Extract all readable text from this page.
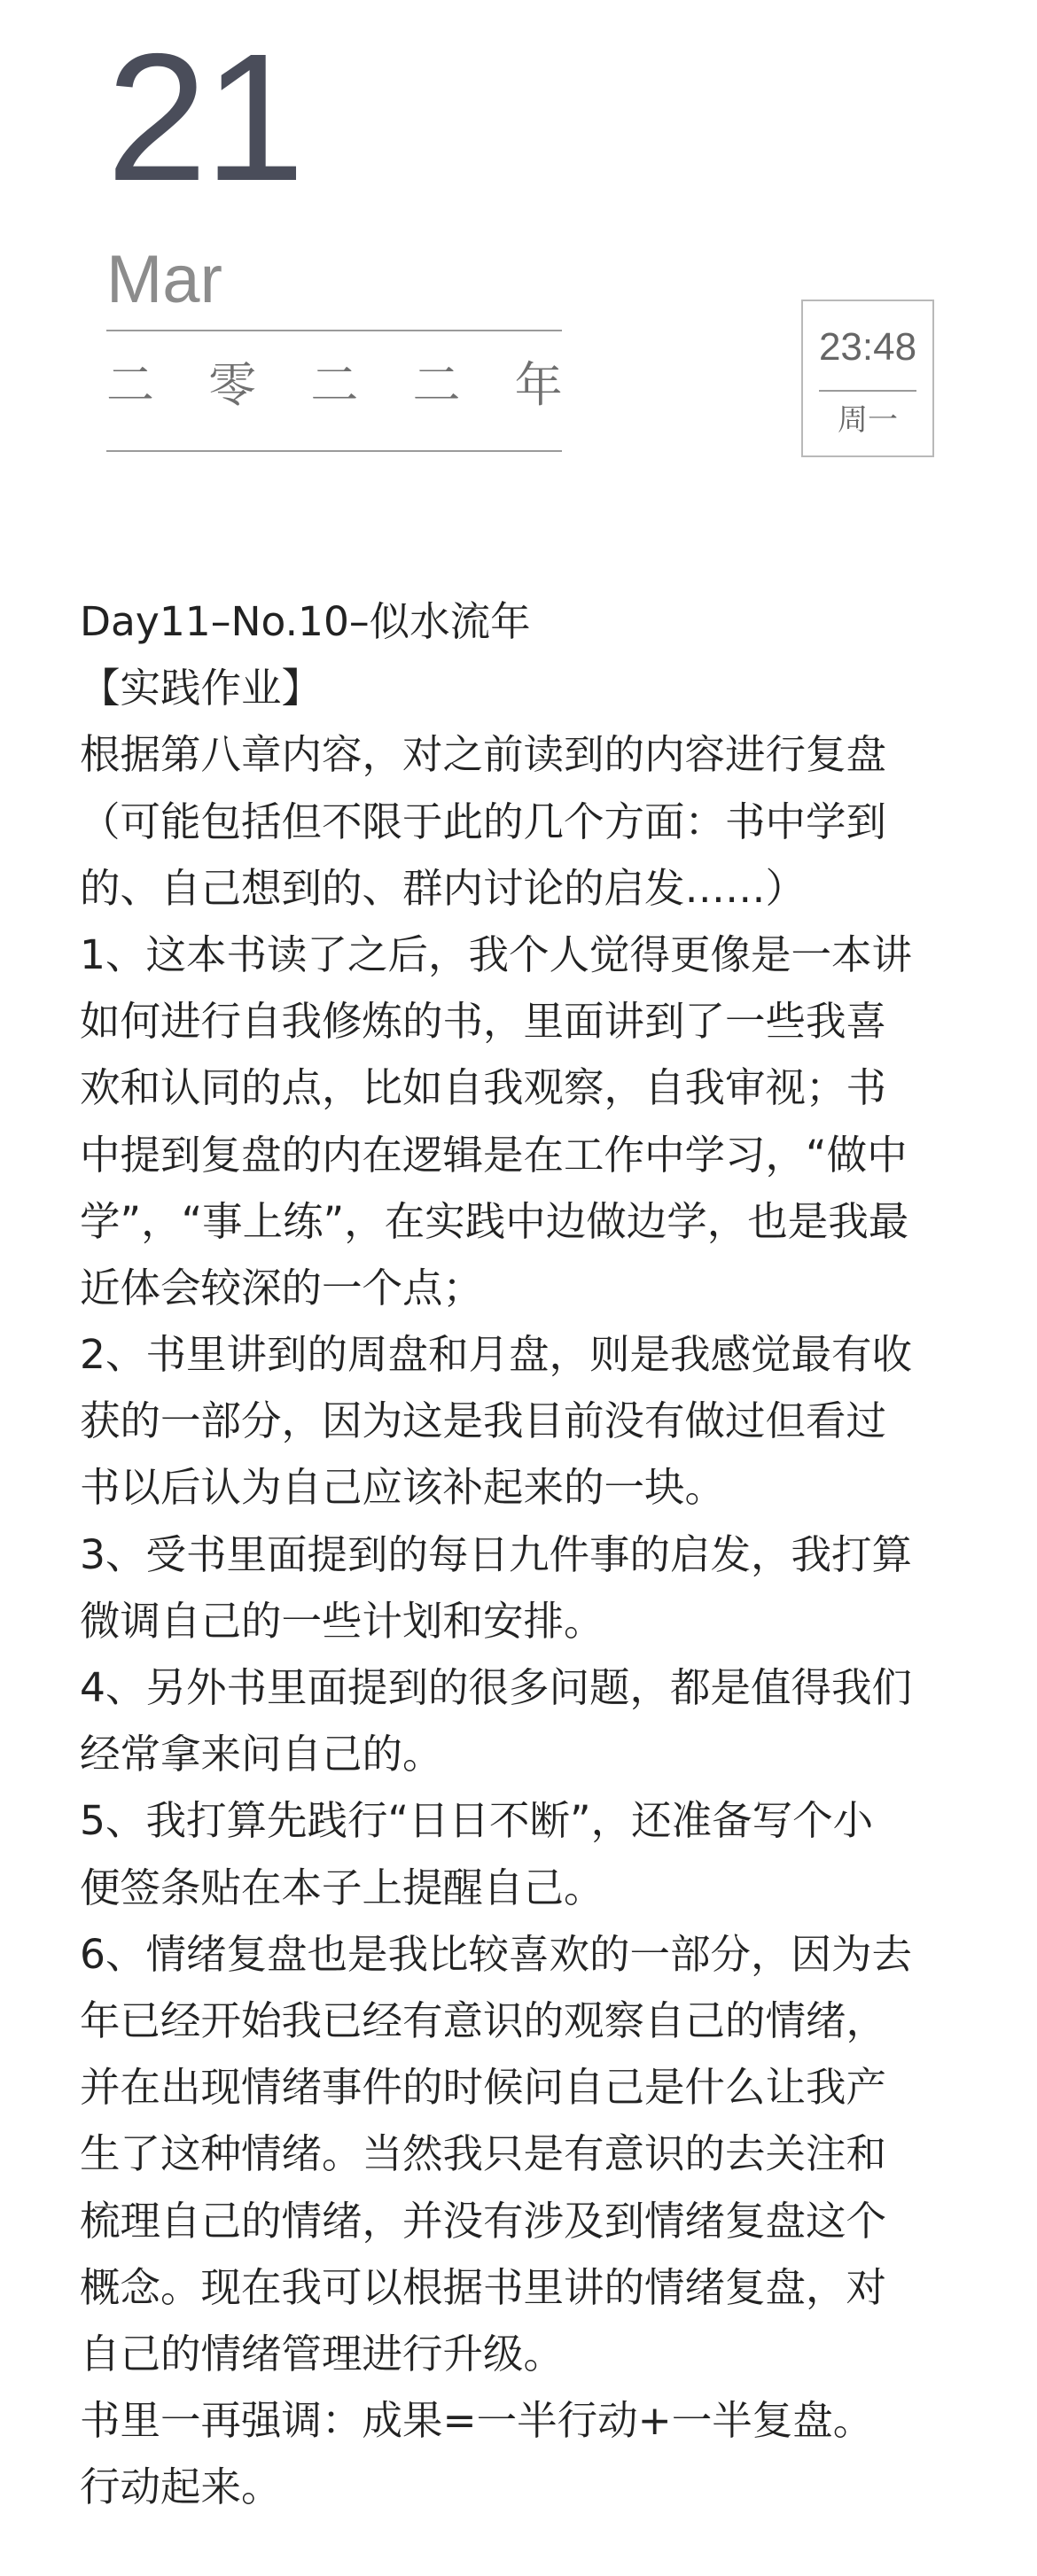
21
Mar
二 零 二 二 年
23:48
周一
Day11–No.10–似水流年
【实践作业】
根据第八章内容，对之前读到的内容进行复盘
（可能包括但不限于此的几个方面：书中学到
的、自己想到的、群内讨论的启发……）
1、这本书读了之后，我个人觉得更像是一本讲
如何进行自我修炼的书，里面讲到了一些我喜
欢和认同的点，比如自我观察，自我审视；书
中提到复盘的内在逻辑是在工作中学习，“做中
学”，“事上练”，在实践中边做边学，也是我最
近体会较深的一个点；
2、书里讲到的周盘和月盘，则是我感觉最有收
获的一部分，因为这是我目前没有做过但看过
书以后认为自己应该补起来的一块。
3、受书里面提到的每日九件事的启发，我打算
微调自己的一些计划和安排。
4、另外书里面提到的很多问题，都是值得我们
经常拿来问自己的。
5、我打算先践行“日日不断”，还准备写个小
便签条贴在本子上提醒自己。
6、情绪复盘也是我比较喜欢的一部分，因为去
年已经开始我已经有意识的观察自己的情绪，
并在出现情绪事件的时候问自己是什么让我产
生了这种情绪。当然我只是有意识的去关注和
梳理自己的情绪，并没有涉及到情绪复盘这个
概念。现在我可以根据书里讲的情绪复盘，对
自己的情绪管理进行升级。
书里一再强调：成果=一半行动+一半复盘。
行动起来。
